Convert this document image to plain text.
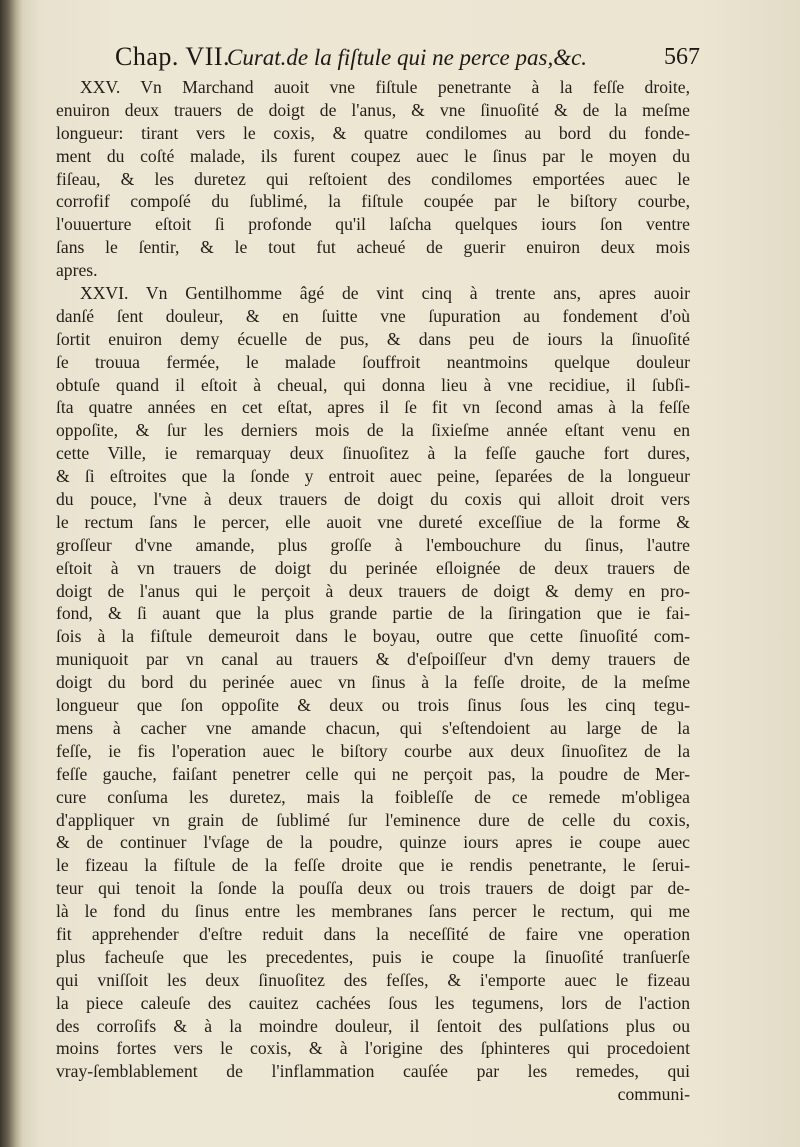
Chap. VII.
Curat.de la fiſtule qui ne perce pas,&c.	567
XXV. Vn Marchand auoit vne fiſtule penetrante à la feſſe droite,
enuiron deux trauers de doigt de l'anus, & vne ſinuoſité & de la meſme
longueur: tirant vers le coxis, & quatre condilomes au bord du fonde-
ment du coſté malade, ils furent coupez auec le ſinus par le moyen du
fiſeau, & les duretez qui reſtoient des condilomes emportées auec le
corrofif compoſé du ſublimé, la fiſtule coupée par le biſtory courbe,
l'ouuerture eſtoit ſi profonde qu'il laſcha quelques iours ſon ventre
ſans le ſentir, & le tout fut acheué de guerir enuiron deux mois
apres.
XXVI. Vn Gentilhomme âgé de vint cinq à trente ans, apres auoir
danſé ſent douleur, & en ſuitte vne ſupuration au fondement d'où
ſortit enuiron demy écuelle de pus, & dans peu de iours la ſinuoſité
ſe trouua fermée, le malade ſouffroit neantmoins quelque douleur
obtuſe quand il eſtoit à cheual, qui donna lieu à vne recidiue, il ſubſi-
ſta quatre années en cet eſtat, apres il ſe fit vn ſecond amas à la feſſe
oppoſite, & ſur les derniers mois de la ſixieſme année eſtant venu en
cette Ville, ie remarquay deux ſinuoſitez à la feſſe gauche fort dures,
& ſi eſtroites que la ſonde y entroit auec peine, ſeparées de la longueur
du pouce, l'vne à deux trauers de doigt du coxis qui alloit droit vers
le rectum ſans le percer, elle auoit vne dureté exceſſiue de la forme &
groſſeur d'vne amande, plus groſſe à l'embouchure du ſinus, l'autre
eſtoit à vn trauers de doigt du perinée eſloignée de deux trauers de
doigt de l'anus qui le perçoit à deux trauers de doigt & demy en pro-
fond, & ſi auant que la plus grande partie de la ſiringation que ie fai-
ſois à la fiſtule demeuroit dans le boyau, outre que cette ſinuoſité com-
muniquoit par vn canal au trauers & d'eſpoiſſeur d'vn demy trauers de
doigt du bord du perinée auec vn ſinus à la feſſe droite, de la meſme
longueur que ſon oppoſite & deux ou trois ſinus ſous les cinq tegu-
mens à cacher vne amande chacun, qui s'eſtendoient au large de la
feſſe, ie fis l'operation auec le biſtory courbe aux deux ſinuoſitez de la
feſſe gauche, faiſant penetrer celle qui ne perçoit pas, la poudre de Mer-
cure conſuma les duretez, mais la foibleſſe de ce remede m'obligea
d'appliquer vn grain de ſublimé ſur l'eminence dure de celle du coxis,
& de continuer l'vſage de la poudre, quinze iours apres ie coupe auec
le fizeau la fiſtule de la feſſe droite que ie rendis penetrante, le ſerui-
teur qui tenoit la ſonde la pouſſa deux ou trois trauers de doigt par de-
là le fond du ſinus entre les membranes ſans percer le rectum, qui me
fit apprehender d'eſtre reduit dans la neceſſité de faire vne operation
plus facheuſe que les precedentes, puis ie coupe la ſinuoſité tranſuerſe
qui vniſſoit les deux ſinuoſitez des feſſes, & i'emporte auec le fizeau
la piece caleuſe des cauitez cachées ſous les tegumens, lors de l'action
des corroſifs & à la moindre douleur, il ſentoit des pulſations plus ou
moins fortes vers le coxis, & à l'origine des ſphinteres qui procedoient
vray-ſemblablement de l'inflammation cauſée par les remedes, qui
communi-
